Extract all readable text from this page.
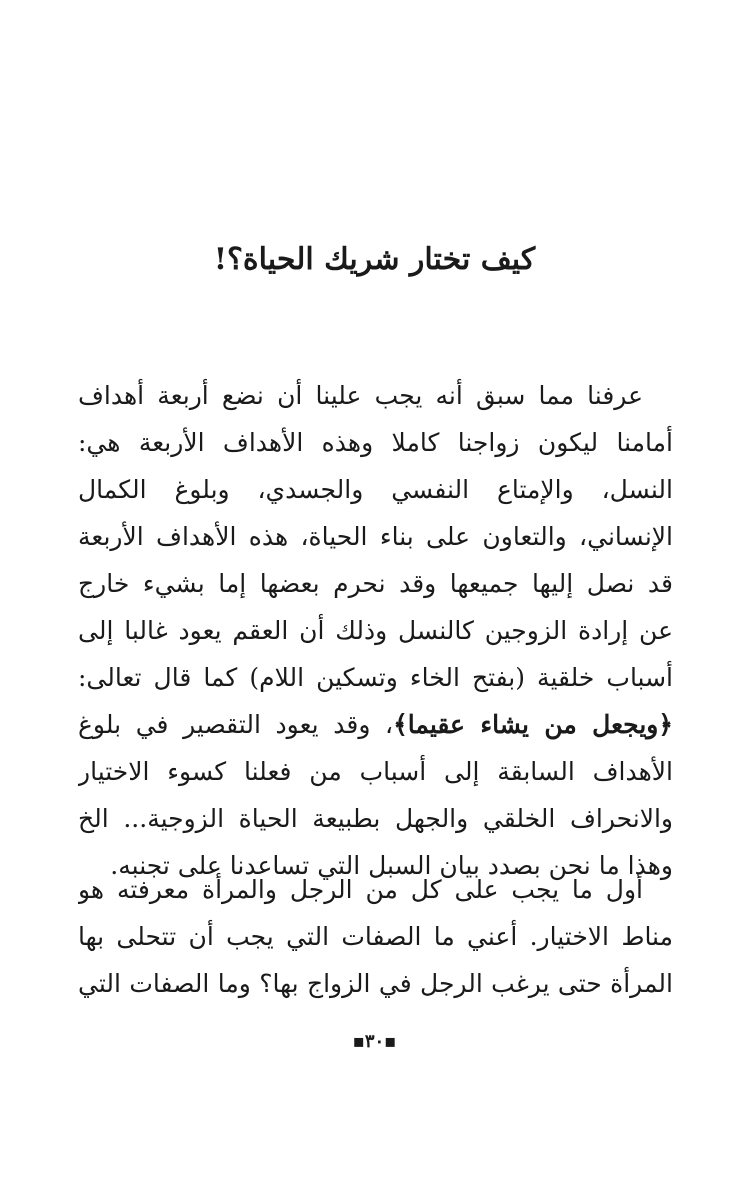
كيف تختار شريك الحياة؟!
عرفنا مما سبق أنه يجب علينا أن نضع أربعة أهداف
أمامنا ليكون زواجنا كاملا وهذه الأهداف الأربعة هي:
النسل، والإمتاع النفسي والجسدي، وبلوغ الكمال
الإنساني، والتعاون على بناء الحياة، هذه الأهداف الأربعة
قد نصل إليها جميعها وقد نحرم بعضها إما بشيء خارج
عن إرادة الزوجين كالنسل وذلك أن العقم يعود غالبا إلى
أسباب خلقية (بفتح الخاء وتسكين اللام) كما قال تعالى:
﴿ويجعل من يشاء عقيما﴾، وقد يعود التقصير في بلوغ
الأهداف السابقة إلى أسباب من فعلنا كسوء الاختيار
والانحراف الخلقي والجهل بطبيعة الحياة الزوجية... الخ
وهذا ما نحن بصدد بيان السبل التي تساعدنا على تجنبه.
أول ما يجب على كل من الرجل والمرأة معرفته هو
مناط الاختيار. أعني ما الصفات التي يجب أن تتحلى بها
المرأة حتى يرغب الرجل في الزواج بها؟ وما الصفات التي
▪٣٠▪
